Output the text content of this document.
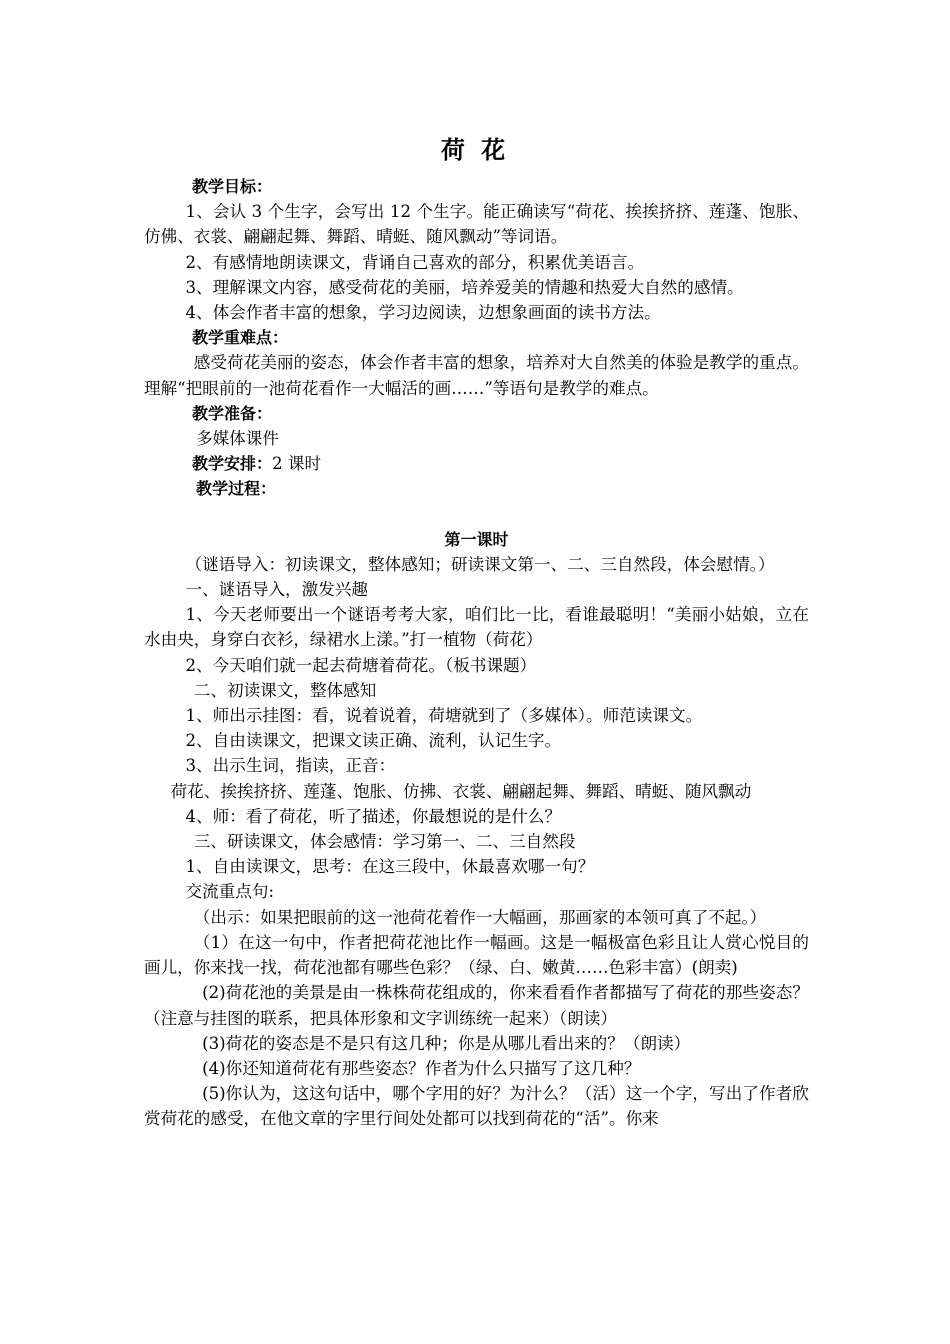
荷 花

教学目标：

1、会认 3 个生字，会写出 12 个生字。能正确读写“荷花、挨挨挤挤、莲蓬、饱胀、仿佛、衣裳、翩翩起舞、舞蹈、晴蜓、随风飘动”等词语。

2、有感情地朗读课文，背诵自己喜欢的部分，积累优美语言。

3、理解课文内容，感受荷花的美丽，培养爱美的情趣和热爱大自然的感情。

4、体会作者丰富的想象，学习边阅读，边想象画面的读书方法。

教学重难点：

感受荷花美丽的姿态，体会作者丰富的想象，培养对大自然美的体验是教学的重点。理解“把眼前的一池荷花看作一大幅活的画……”等语句是教学的难点。

教学准备：

多媒体课件

教学安排：2 课时

教学过程：

第一课时

（谜语导入：初读课文，整体感知；研读课文第一、二、三自然段，体会慰情。）

一、谜语导入，激发兴趣

1、今天老师要出一个谜语考考大家，咱们比一比，看谁最聪明！“美丽小姑娘，立在水由央，身穿白衣衫，绿裙水上漾。”打一植物（荷花）

2、今天咱们就一起去荷塘着荷花。（板书课题）

二、初读课文，整体感知

1、师出示挂图：看，说着说着，荷塘就到了（多媒体）。师范读课文。

2、自由读课文，把课文读正确、流利，认记生字。

3、出示生词，指读，正音：

荷花、挨挨挤挤、莲蓬、饱胀、仿拂、衣裳、翩翩起舞、舞蹈、晴蜓、随风飘动

4、师：看了荷花，听了描述，你最想说的是什么？

三、研读课文，体会感情：学习第一、二、三自然段

1、自由读课文，思考：在这三段中，休最喜欢哪一句？

交流重点句:

（出示：如果把眼前的这一池荷花着作一大幅画，那画家的本领可真了不起。）

（1）在这一句中，作者把荷花池比作一幅画。这是一幅极富色彩且让人赏心悦目的画儿，你来找一找，荷花池都有哪些色彩？（绿、白、嫩黄……色彩丰富）(朗卖)

(2)荷花池的美景是由一株株荷花组成的，你来看看作者都描写了荷花的那些姿态？（注意与挂图的联系，把具体形象和文字训练统一起来）（朗读）

(3)荷花的姿态是不是只有这几种；你是从哪儿看出来的？（朗读）

(4)你还知道荷花有那些姿态？作者为什么只描写了这几种？

(5)你认为，这这句话中，哪个字用的好？为汁么？（活）这一个字，写出了作者欣赏荷花的感受，在他文章的字里行间处处都可以找到荷花的“活”。你来
